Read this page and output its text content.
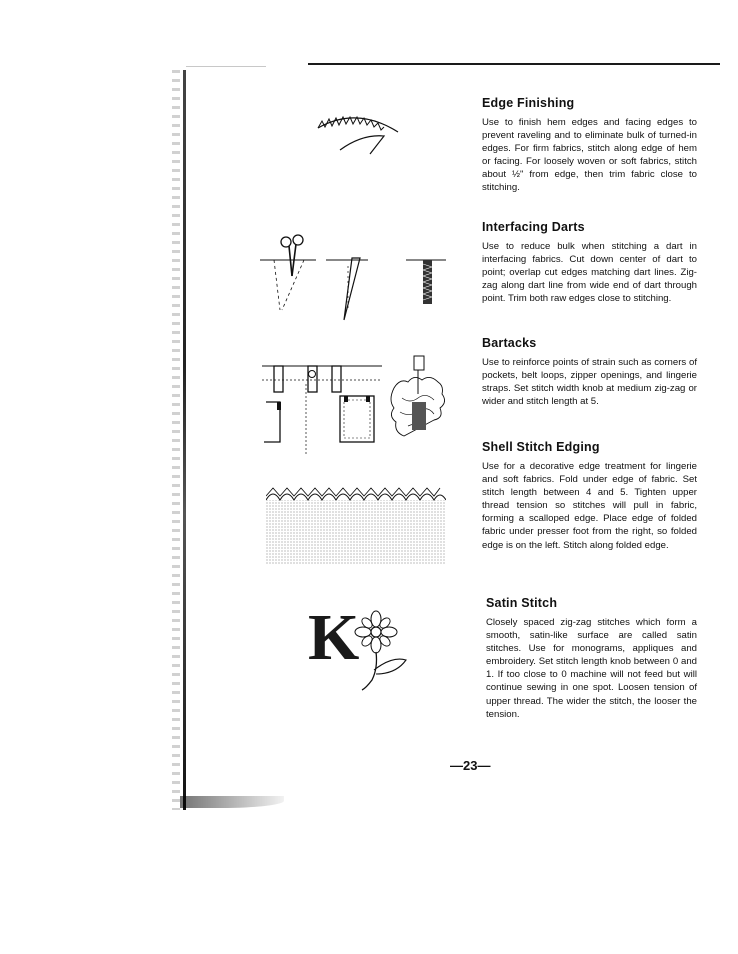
K
Edge Finishing

Use to finish hem edges and facing edges to prevent raveling and to eliminate bulk of turned-in edges. For firm fabrics, stitch along edge of hem or facing. For loosely woven or soft fabrics, stitch about ½" from edge, then trim fabric close to stitching.

Interfacing Darts

Use to reduce bulk when stitching a dart in interfacing fabrics. Cut down center of dart to point; overlap cut edges matching dart lines. Zig-zag along dart line from wide end of dart through point. Trim both raw edges close to stitching.

Bartacks

Use to reinforce points of strain such as corners of pockets, belt loops, zipper openings, and lingerie straps. Set stitch width knob at medium zig-zag or wider and stitch length at 5.

Shell Stitch Edging

Use for a decorative edge treatment for lingerie and soft fabrics. Fold under edge of fabric. Set stitch length between 4 and 5. Tighten upper thread tension so stitches will pull in fabric, forming a scalloped edge. Place edge of folded fabric under presser foot from the right, so folded edge is on the left. Stitch along folded edge.

Satin Stitch

Closely spaced zig-zag stitches which form a smooth, satin-like surface are called satin stitches. Use for monograms, appliques and embroidery. Set stitch length knob between 0 and 1. If too close to 0 machine will not feed but will continue sewing in one spot. Loosen tension of upper thread. The wider the stitch, the looser the tension.

—23—
